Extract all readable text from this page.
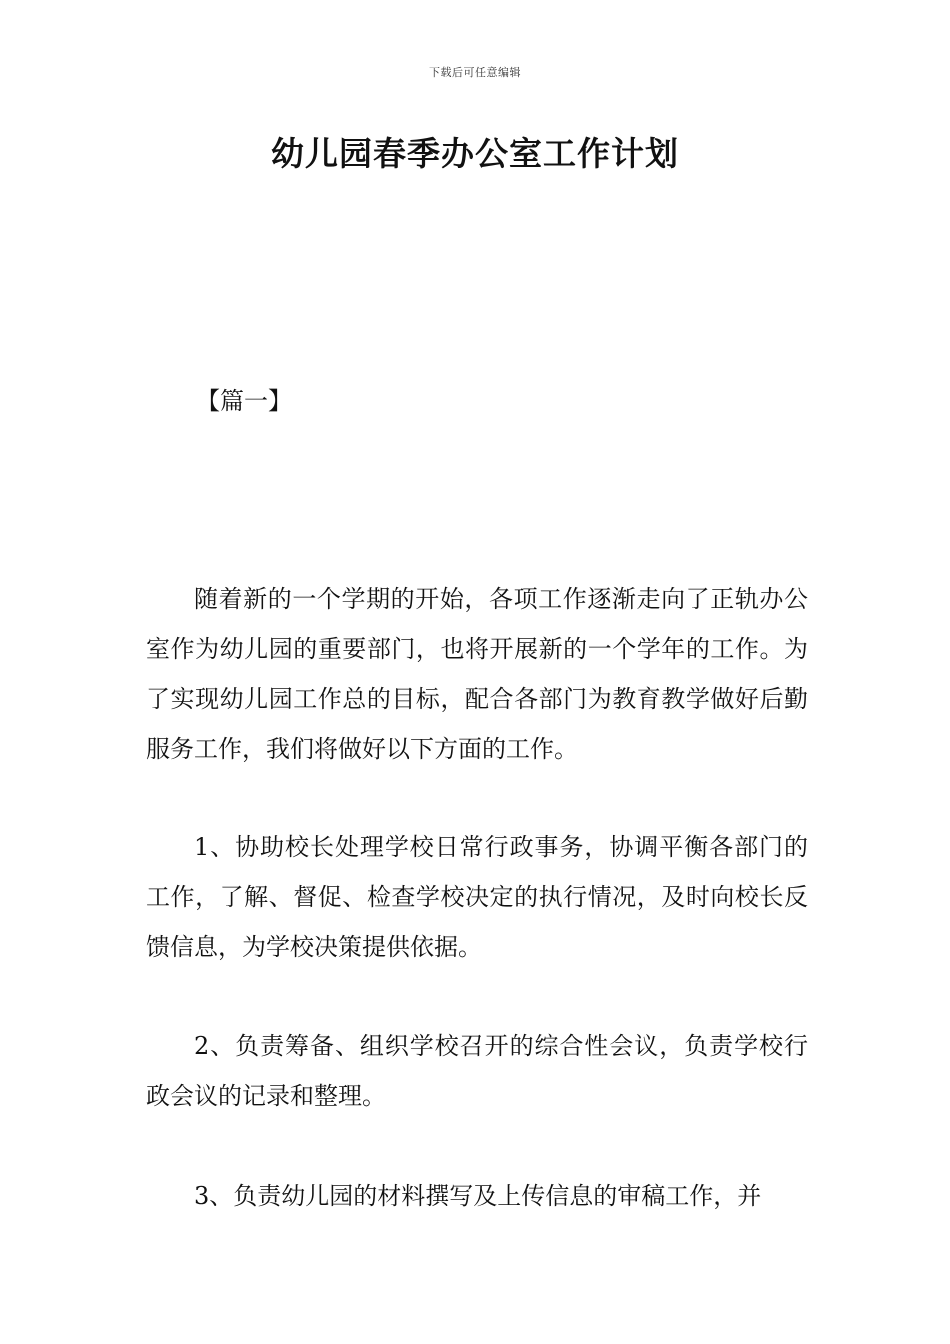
下载后可任意编辑
幼儿园春季办公室工作计划
【篇一】

随着新的一个学期的开始，各项工作逐渐走向了正轨办公室作为幼儿园的重要部门，也将开展新的一个学年的工作。为了实现幼儿园工作总的目标，配合各部门为教育教学做好后勤服务工作，我们将做好以下方面的工作。

1、协助校长处理学校日常行政事务，协调平衡各部门的工作，了解、督促、检查学校决定的执行情况，及时向校长反馈信息，为学校决策提供依据。

2、负责筹备、组织学校召开的综合性会议，负责学校行政会议的记录和整理。

3、负责幼儿园的材料撰写及上传信息的审稿工作，并
